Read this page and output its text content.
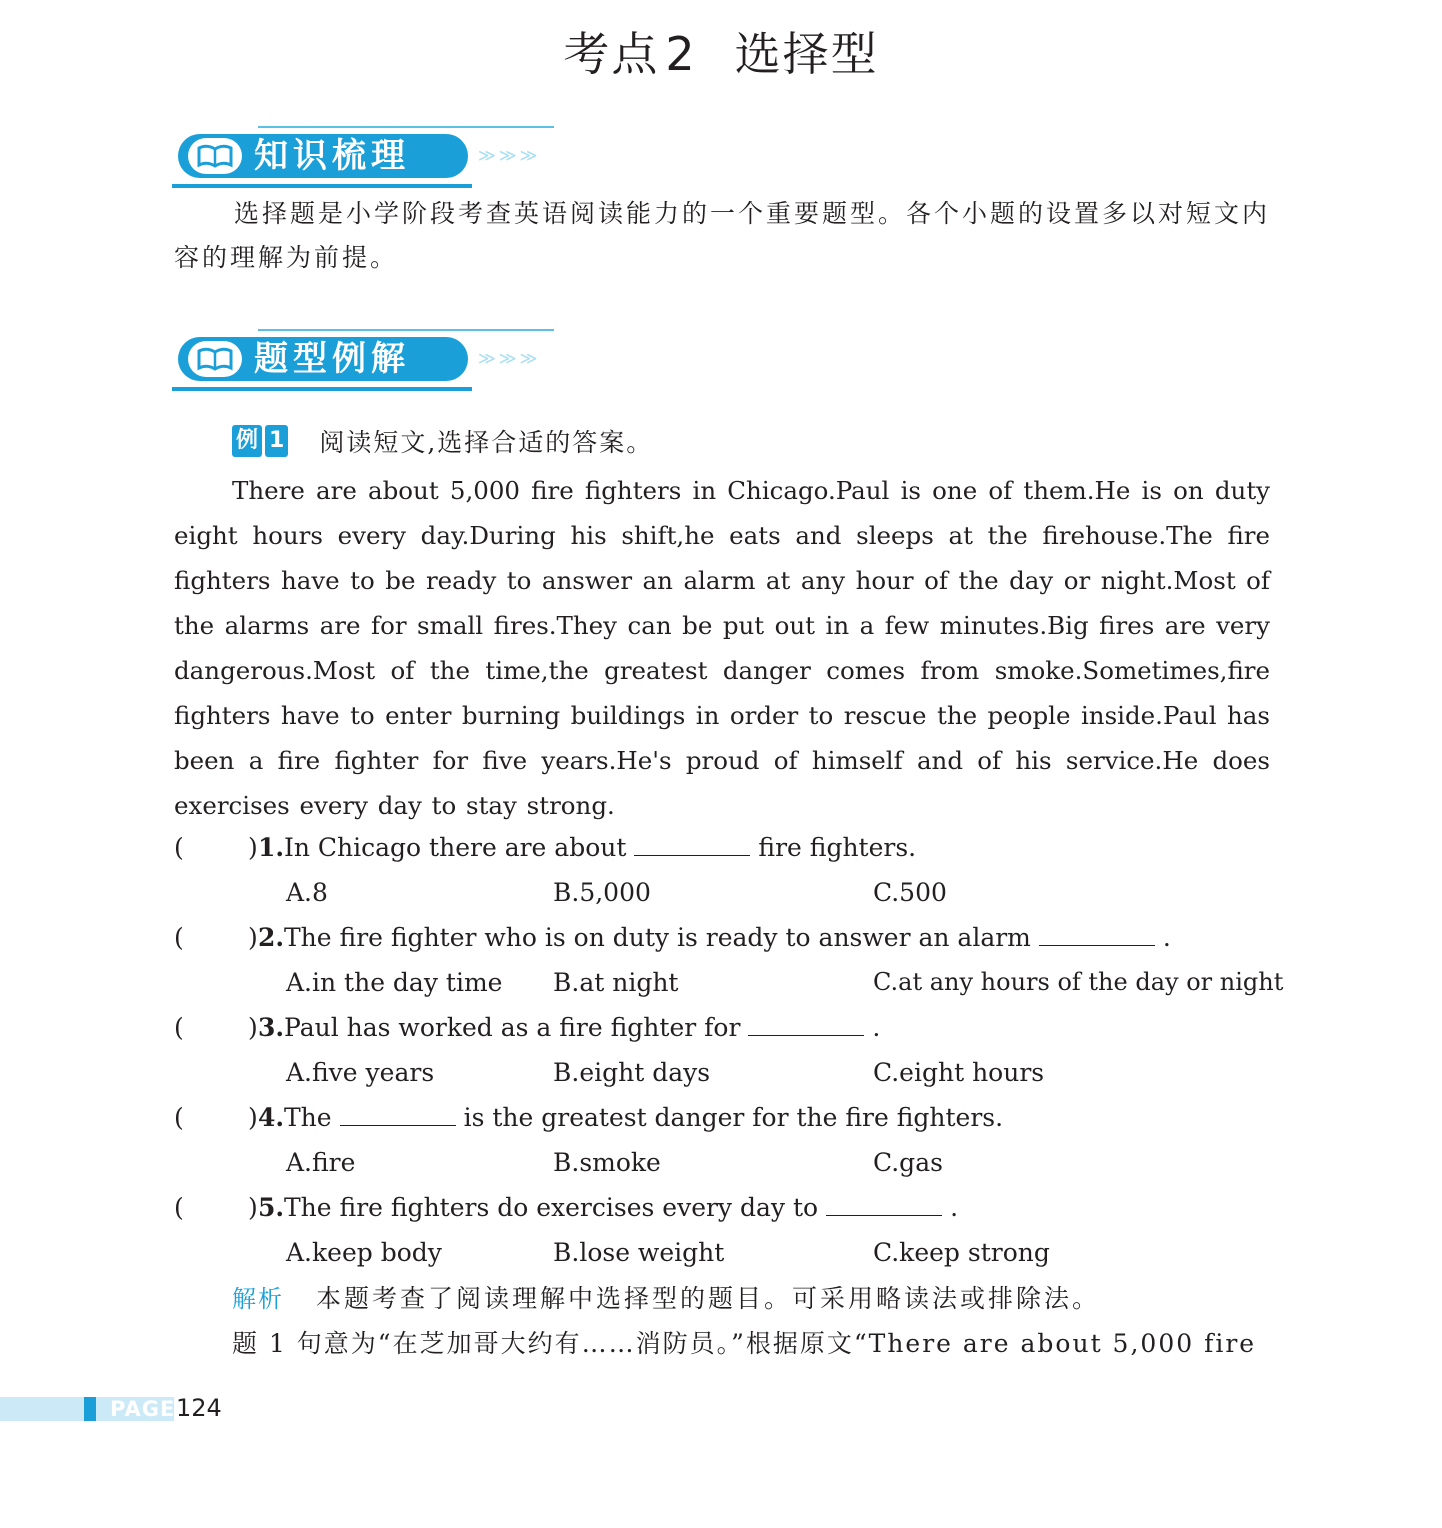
考点 2 选择型
知识梳理	≫≫≫
选择题是小学阶段考查英语阅读能力的一个重要题型。各个小题的设置多以对短文内容的理解为前提。
题型例解	≫≫≫
例 1 阅读短文,选择合适的答案。
There are about 5,000 fire fighters in Chicago.Paul is one of them.He is on duty eight hours every day.During his shift,he eats and sleeps at the firehouse.The fire fighters have to be ready to answer an alarm at any hour of the day or night.Most of the alarms are for small fires.They can be put out in a few minutes.Big fires are very dangerous.Most of the time,the greatest danger comes from smoke.Sometimes,fire fighters have to enter burning buildings in order to rescue the people inside.Paul has been a fire fighter for five years.He's proud of himself and of his service.He does exercises every day to stay strong.
(	) 1. In Chicago there are about	fire fighters.
A.8	B.5,000	C.500
(	) 2. The fire fighter who is on duty is ready to answer an alarm	.
A.in the day time B.at night	C.at any hours of the day or night
(	) 3. Paul has worked as a fire fighter for	.
A.five years	B.eight days	C.eight hours
(	) 4. The	is the greatest danger for the fire fighters.
A.fire	B.smoke	C.gas
(	) 5. The fire fighters do exercises every day to	.
A.keep body	B.lose weight	C.keep strong
解析 本题考查了阅读理解中选择型的题目。可采用略读法或排除法。
题 1 句意为“在芝加哥大约有……消防员。”根据原文“There are about 5,000 fire
PAGE 124
